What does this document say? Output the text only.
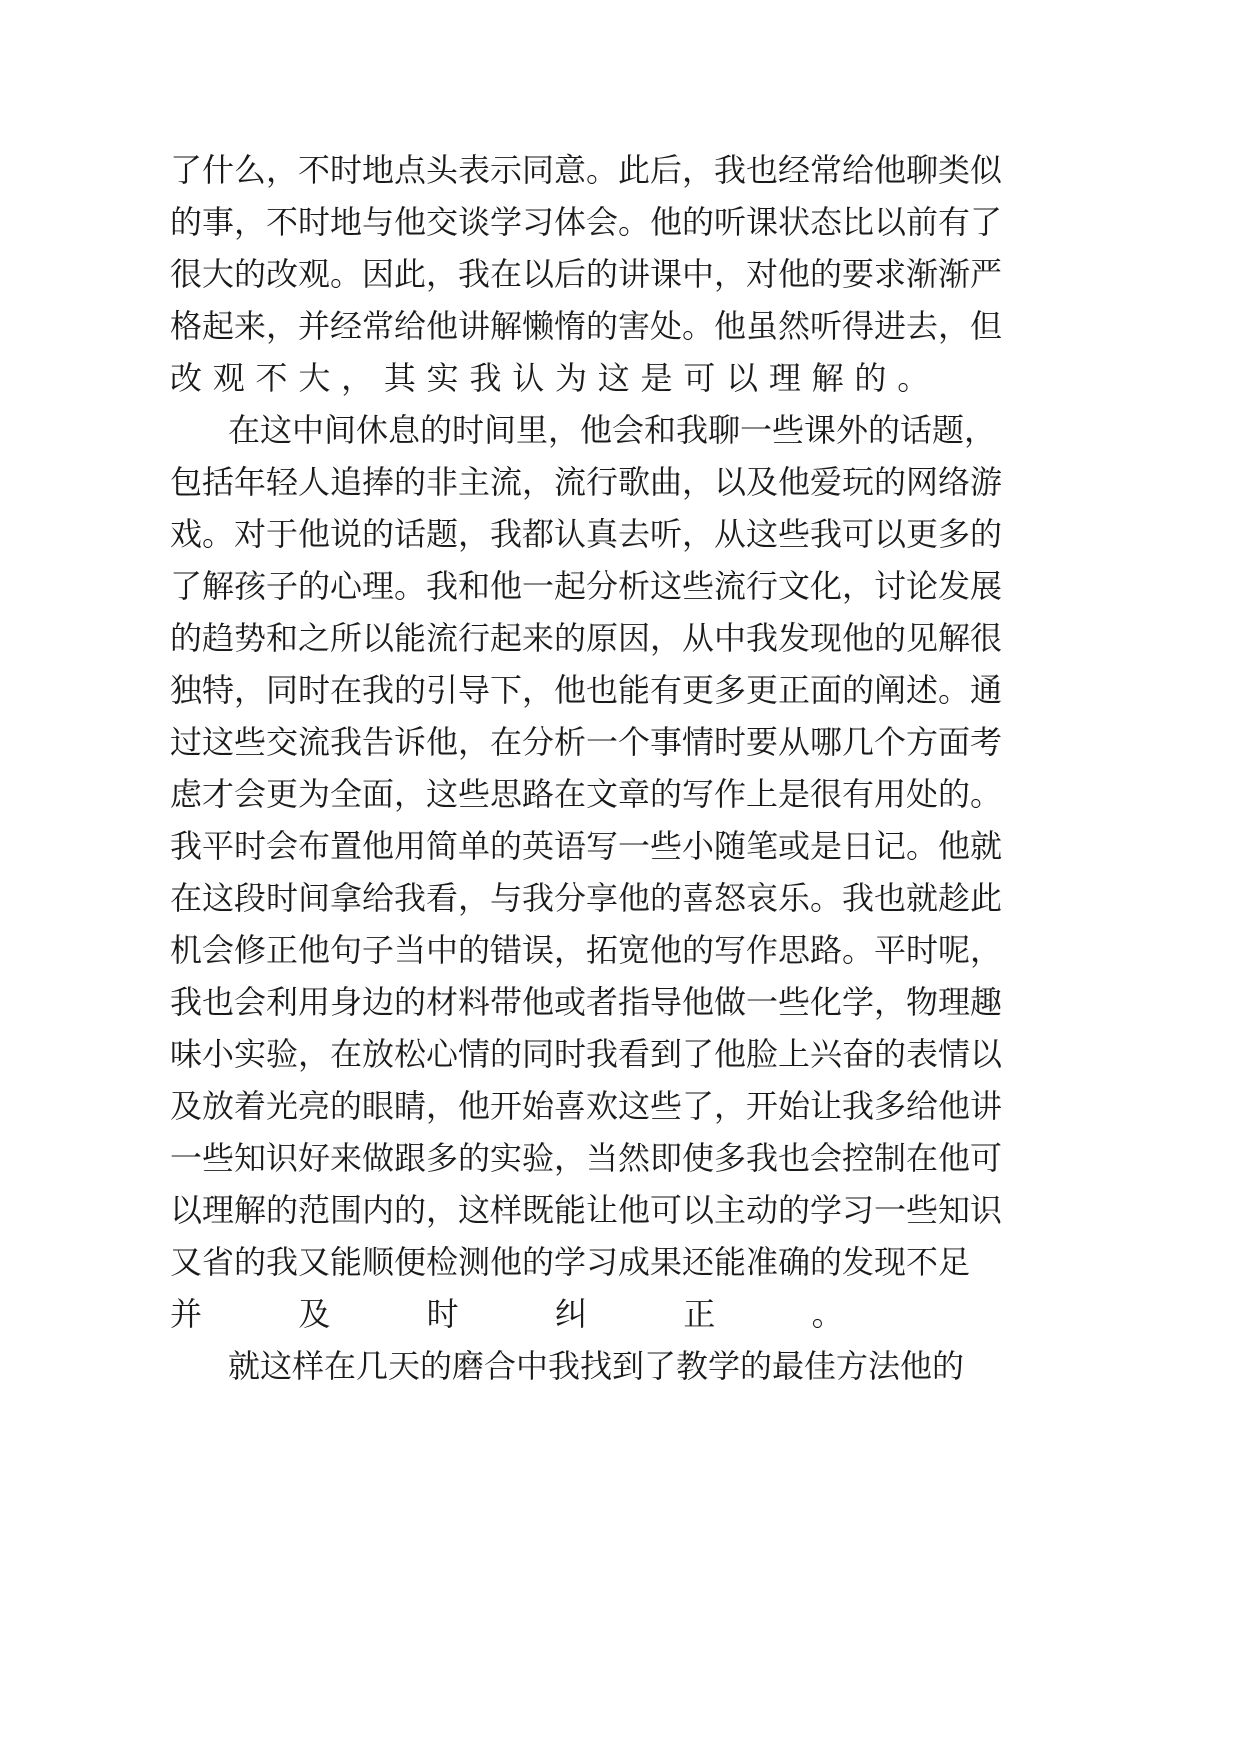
了什么，不时地点头表示同意。此后，我也经常给他聊类似
的事，不时地与他交谈学习体会。他的听课状态比以前有了
很大的改观。因此，我在以后的讲课中，对他的要求渐渐严
格起来，并经常给他讲解懒惰的害处。他虽然听得进去，但
改观不大，其实我认为这是可以理解的。
在这中间休息的时间里，他会和我聊一些课外的话题，
包括年轻人追捧的非主流，流行歌曲，以及他爱玩的网络游
戏。对于他说的话题，我都认真去听，从这些我可以更多的
了解孩子的心理。我和他一起分析这些流行文化，讨论发展
的趋势和之所以能流行起来的原因，从中我发现他的见解很
独特，同时在我的引导下，他也能有更多更正面的阐述。通
过这些交流我告诉他，在分析一个事情时要从哪几个方面考
虑才会更为全面，这些思路在文章的写作上是很有用处的。
我平时会布置他用简单的英语写一些小随笔或是日记。他就
在这段时间拿给我看，与我分享他的喜怒哀乐。我也就趁此
机会修正他句子当中的错误，拓宽他的写作思路。平时呢，
我也会利用身边的材料带他或者指导他做一些化学，物理趣
味小实验，在放松心情的同时我看到了他脸上兴奋的表情以
及放着光亮的眼睛，他开始喜欢这些了，开始让我多给他讲
一些知识好来做跟多的实验，当然即使多我也会控制在他可
以理解的范围内的，这样既能让他可以主动的学习一些知识
又省的我又能顺便检测他的学习成果还能准确的发现不足
并及时纠正。
就这样在几天的磨合中我找到了教学的最佳方法他的
